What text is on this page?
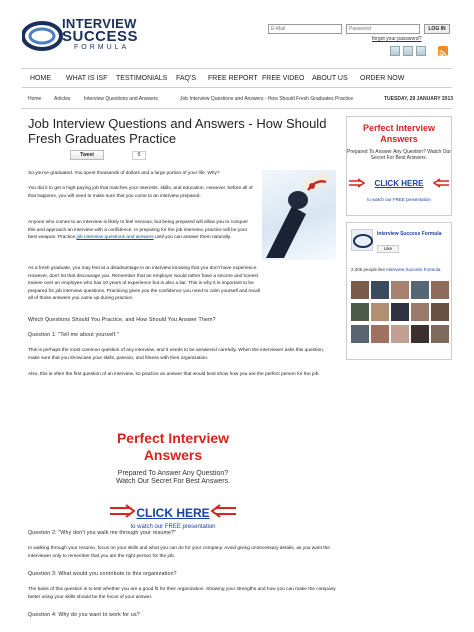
INTERVIEW
SUCCESS
FORMULA
E-Mail
LOG IN
forgot your password?
HOME WHAT IS ISF TESTIMONIALS FAQ'S FREE REPORT FREE VIDEO ABOUT US ORDER NOW
Home	Articles	Interview Questions and Answers	Job Interview Questions and Answers - How Should Fresh Graduates Practice	TUESDAY, 29 JANUARY 2013
Job Interview Questions and Answers - How Should Fresh Graduates Practice
Tweet	0
So you've graduated. You spent thousands of dollars and a large portion of your life. Why?
You did it to get a high-paying job that matches your interests, skills, and education. However, before all of that happens, you will need to make sure that you come to an interview prepared.
Anyone who comes to an interview is likely to feel nervous, but being prepared will allow you to conquer this and approach an interview with a confidence. In preparing for the job interview, practice will be your best weapon. Practice job interview questions and answers until you can answer them naturally.
As a fresh graduate, you may feel at a disadvantage in an interview knowing that you don't have experience. However, don't let that discourage you. Remember that an employer would rather have a sincere and honest trainee over an employee who has 10 years of experience but is also a liar. This is why it is important to be prepared for job interview questions. Practicing gives you the confidence you need to calm yourself and recall all of those answers you came up during practice.
Which Questions Should You Practice, and How Should You Answer Them?
Question 1: "Tell me about yourself."
This is perhaps the most common question of any interview, and it needs to be answered carefully. When the interviewer asks this question, make sure that you showcase your skills, passion, and fitness with their organization.
Also, this is often the first question of an interview, so practice an answer that would best show how you are the perfect person for the job.
Perfect Interview Answers
Prepared To Answer Any Question? Watch Our Secret For Best Answers.
CLICK HERE
to watch our FREE presentation
Question 2: "Why don't you walk me through your resume?"
In walking through your resume, focus on your skills and what you can do for your company. Avoid giving unnecessary details, as you want the interviewer only to remember that you are the right person for the job.
Question 3: What would you contribute to this organization?
The basis of this question is to test whether you are a good fit for their organization. Showing your strengths and how you can make the company better using your skills should be the focus of your answer.
Question 4: Why do you want to work for us?
Perfect Interview Answers
Prepared To Answer Any Question? Watch Our Secret For Best Answers.
CLICK HERE
to watch our FREE presentation
Interview Success Formula
Like
2,405 people like Interview Success Formula.
